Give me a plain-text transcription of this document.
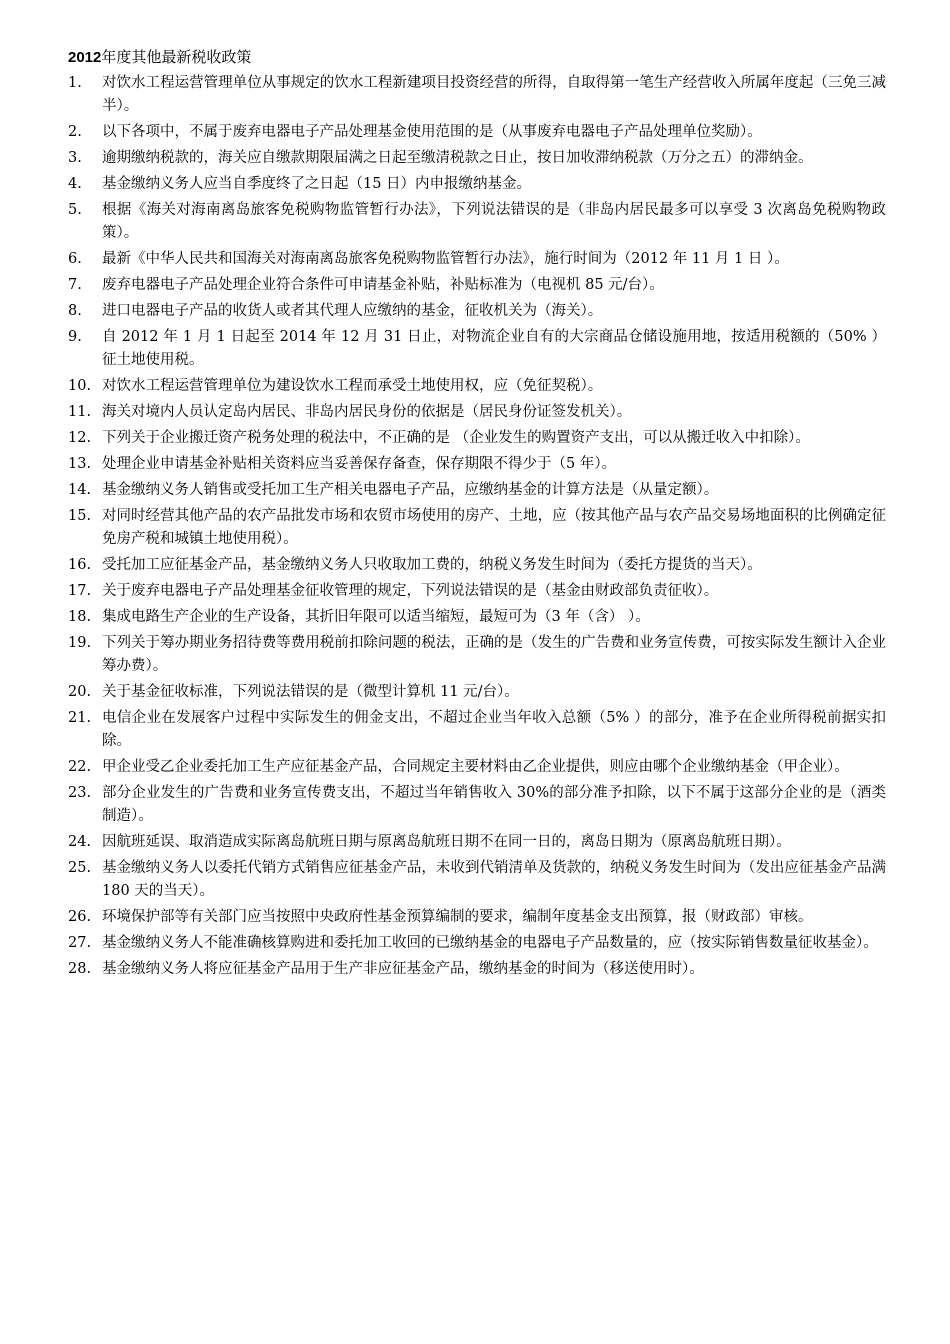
2012年度其他最新税收政策
1.	对饮水工程运营管理单位从事规定的饮水工程新建项目投资经营的所得，自取得第一笔生产经营收入所属年度起（三免三减半）。
2.	以下各项中，不属于废弃电器电子产品处理基金使用范围的是（从事废弃电器电子产品处理单位奖励）。
3.	逾期缴纳税款的，海关应自缴款期限届满之日起至缴清税款之日止，按日加收滞纳税款（万分之五）的滞纳金。
4.	基金缴纳义务人应当自季度终了之日起（15 日）内申报缴纳基金。
5.	根据《海关对海南离岛旅客免税购物监管暂行办法》，下列说法错误的是（非岛内居民最多可以享受 3 次离岛免税购物政策）。
6.	最新《中华人民共和国海关对海南离岛旅客免税购物监管暂行办法》，施行时间为（2012 年 11 月 1 日 ）。
7.	废弃电器电子产品处理企业符合条件可申请基金补贴，补贴标准为（电视机 85 元/台）。
8.	进口电器电子产品的收货人或者其代理人应缴纳的基金，征收机关为（海关）。
9.	自 2012 年 1 月 1 日起至 2014 年 12 月 31 日止，对物流企业自有的大宗商品仓储设施用地，按适用税额的（50% ）征土地使用税。
10. 对饮水工程运营管理单位为建设饮水工程而承受土地使用权，应（免征契税）。
11. 海关对境内人员认定岛内居民、非岛内居民身份的依据是（居民身份证签发机关）。
12. 下列关于企业搬迁资产税务处理的税法中，不正确的是 （企业发生的购置资产支出，可以从搬迁收入中扣除）。
13. 处理企业申请基金补贴相关资料应当妥善保存备查，保存期限不得少于（5 年）。
14. 基金缴纳义务人销售或受托加工生产相关电器电子产品，应缴纳基金的计算方法是（从量定额）。
15. 对同时经营其他产品的农产品批发市场和农贸市场使用的房产、土地，应（按其他产品与农产品交易场地面积的比例确定征免房产税和城镇土地使用税）。
16. 受托加工应征基金产品，基金缴纳义务人只收取加工费的，纳税义务发生时间为（委托方提货的当天）。
17. 关于废弃电器电子产品处理基金征收管理的规定，下列说法错误的是（基金由财政部负责征收）。
18. 集成电路生产企业的生产设备，其折旧年限可以适当缩短，最短可为（3 年（含） ）。
19. 下列关于筹办期业务招待费等费用税前扣除问题的税法，正确的是（发生的广告费和业务宣传费，可按实际发生额计入企业筹办费）。
20. 关于基金征收标准，下列说法错误的是（微型计算机 11 元/台）。
21. 电信企业在发展客户过程中实际发生的佣金支出，不超过企业当年收入总额（5% ）的部分，准予在企业所得税前据实扣除。
22. 甲企业受乙企业委托加工生产应征基金产品，合同规定主要材料由乙企业提供，则应由哪个企业缴纳基金（甲企业）。
23. 部分企业发生的广告费和业务宣传费支出，不超过当年销售收入 30%的部分准予扣除，以下不属于这部分企业的是（酒类制造）。
24. 因航班延误、取消造成实际离岛航班日期与原离岛航班日期不在同一日的，离岛日期为（原离岛航班日期）。
25. 基金缴纳义务人以委托代销方式销售应征基金产品，未收到代销清单及货款的，纳税义务发生时间为（发出应征基金产品满 180 天的当天）。
26. 环境保护部等有关部门应当按照中央政府性基金预算编制的要求，编制年度基金支出预算，报（财政部）审核。
27. 基金缴纳义务人不能准确核算购进和委托加工收回的已缴纳基金的电器电子产品数量的，应（按实际销售数量征收基金）。
28. 基金缴纳义务人将应征基金产品用于生产非应征基金产品，缴纳基金的时间为（移送使用时）。
